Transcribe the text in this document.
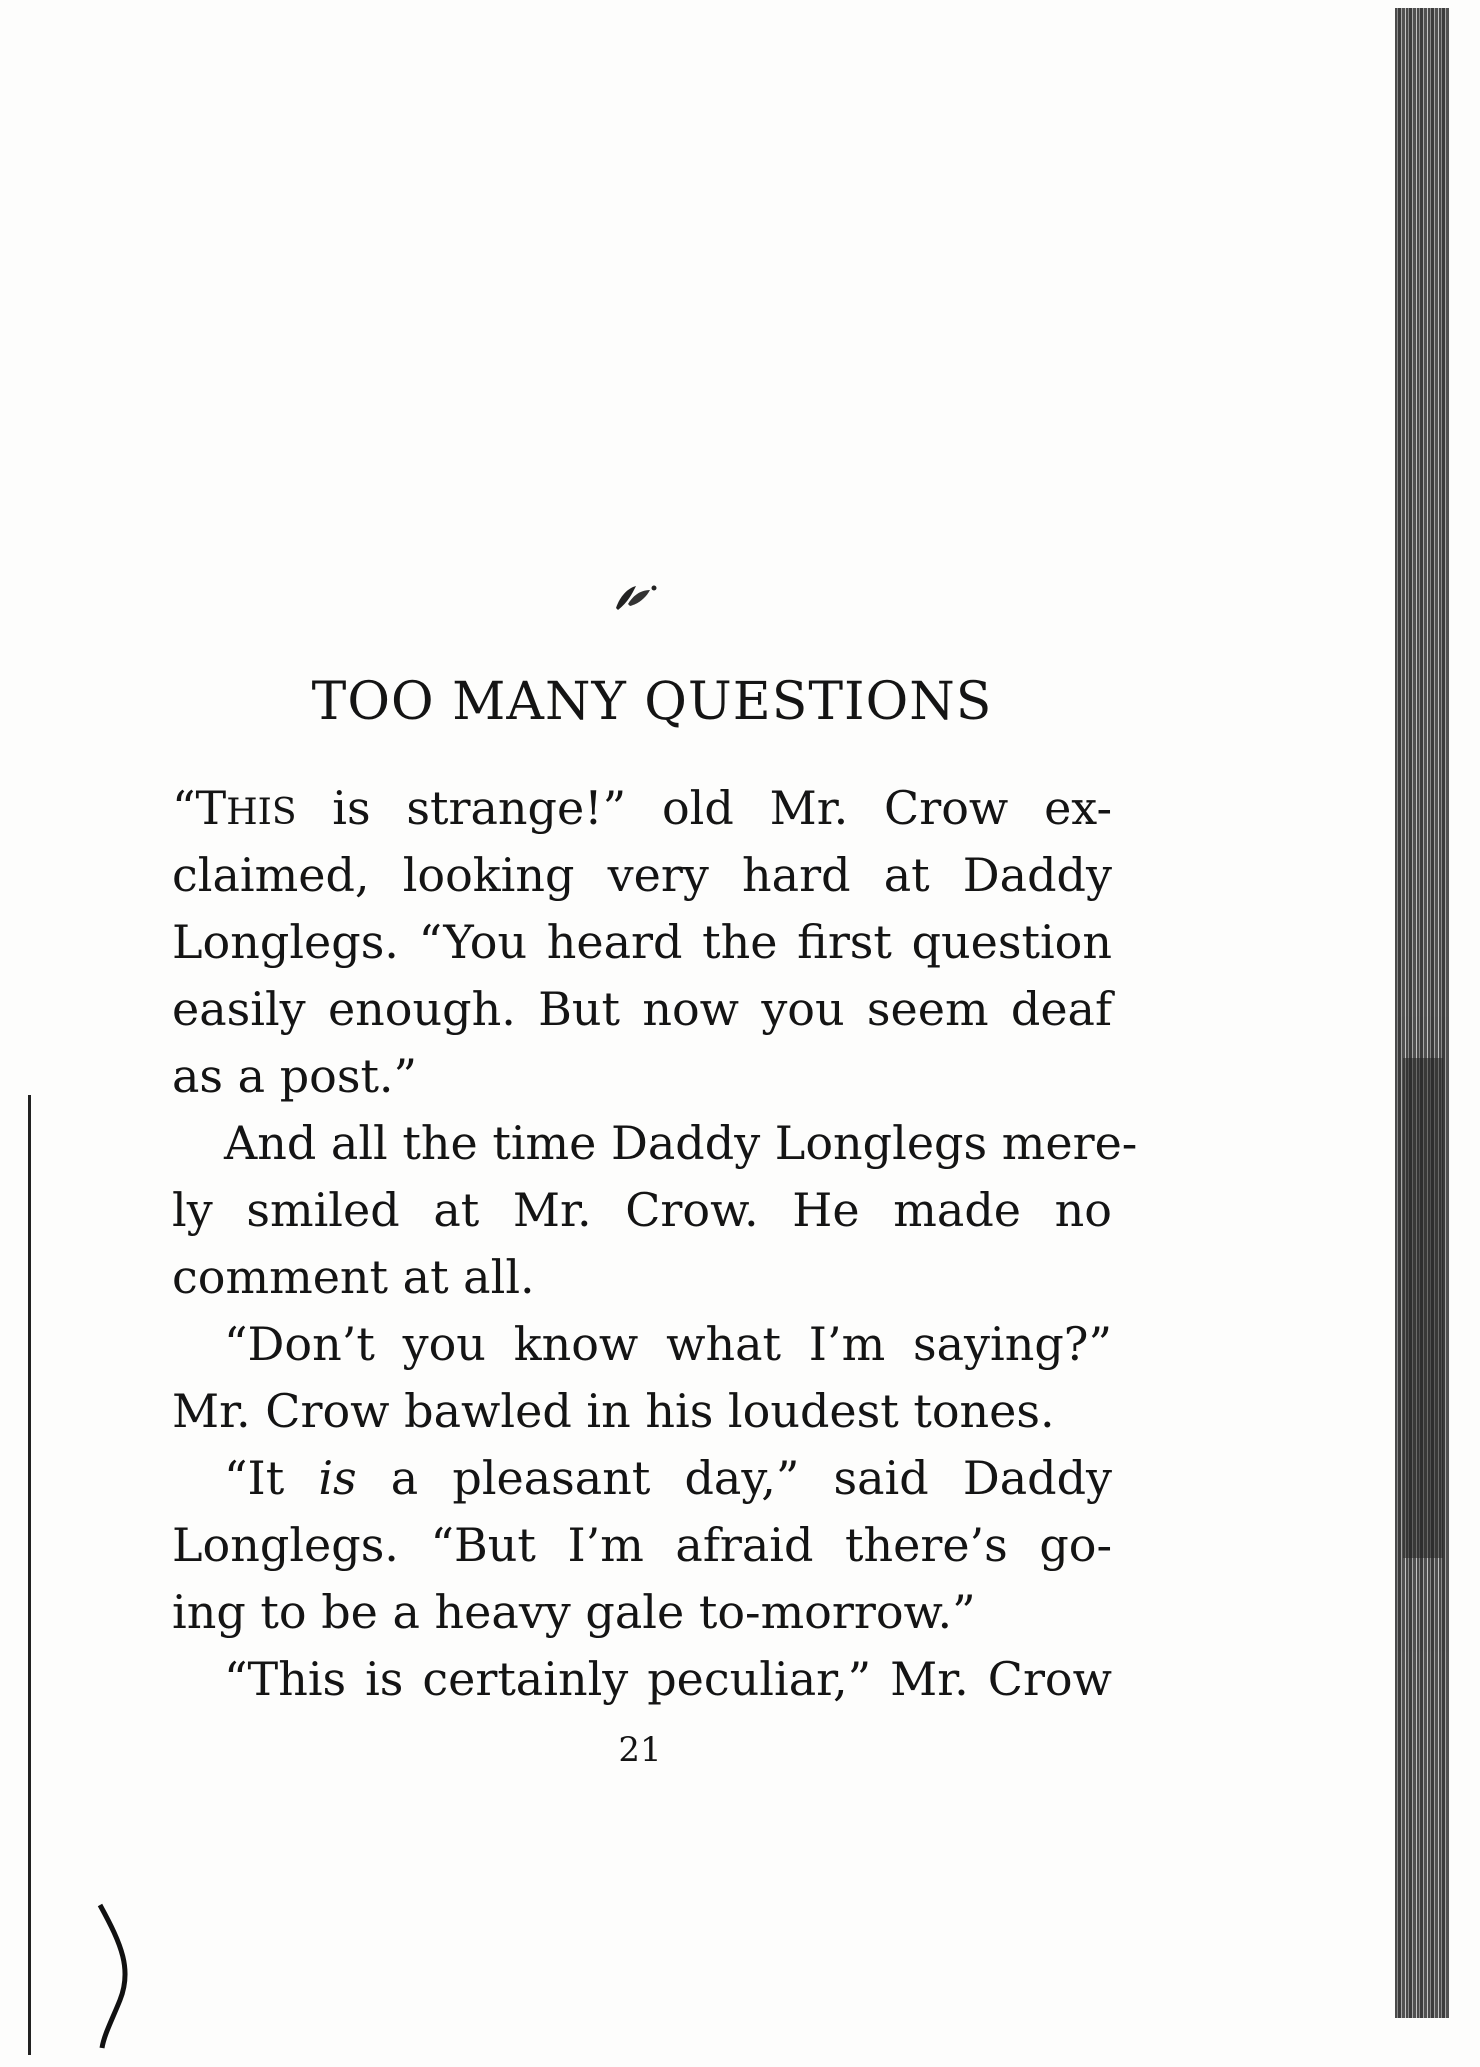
TOO MANY QUESTIONS
“THIS is strange!” old Mr. Crow ex-
claimed, looking very hard at Daddy
Longlegs. “You heard the first question
easily enough. But now you seem deaf
as a post.”
And all the time Daddy Longlegs mere-
ly smiled at Mr. Crow. He made no
comment at all.
“Don’t you know what I’m saying?”
Mr. Crow bawled in his loudest tones.
“It is a pleasant day,” said Daddy
Longlegs. “But I’m afraid there’s go-
ing to be a heavy gale to-morrow.”
“This is certainly peculiar,” Mr. Crow
21
